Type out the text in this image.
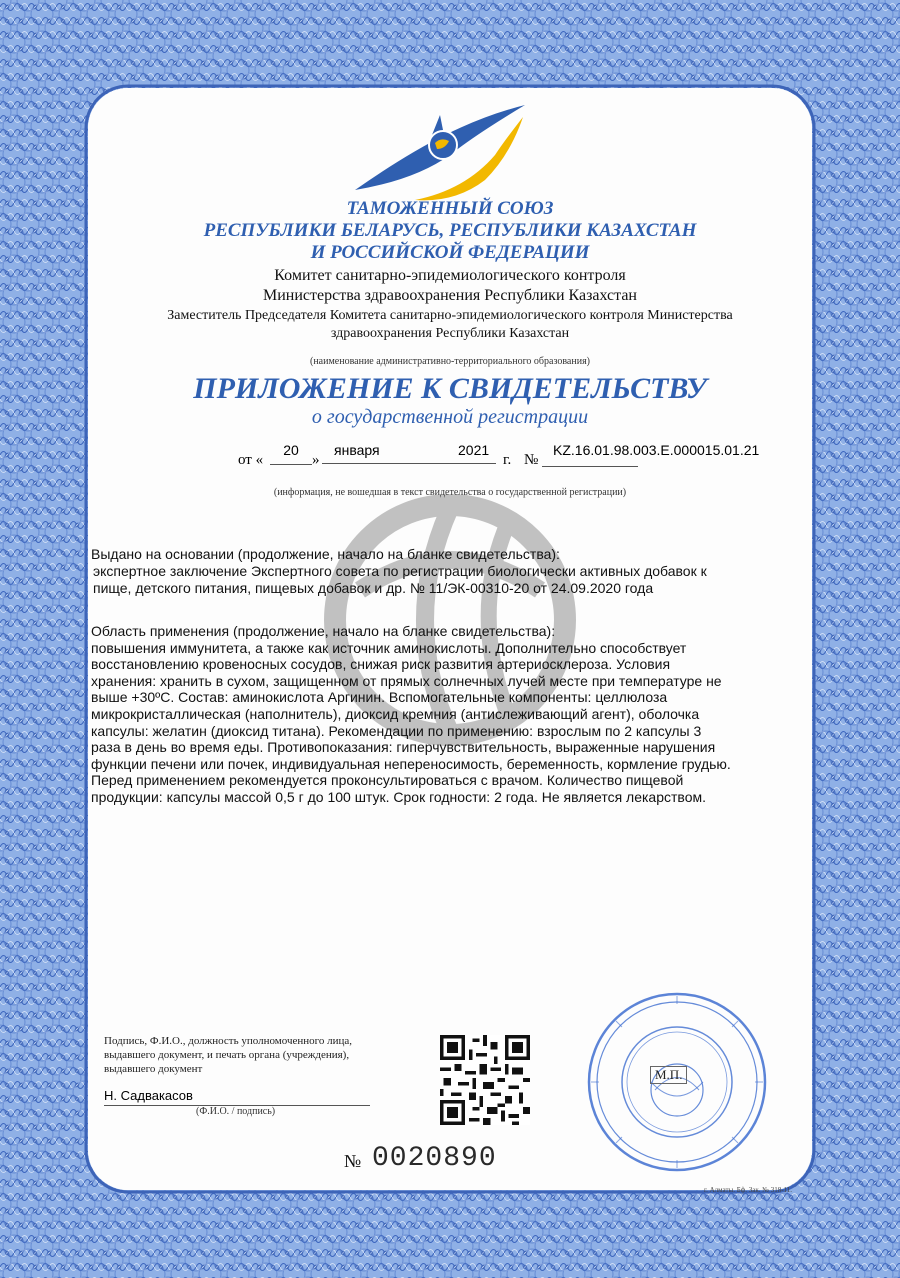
ТАМОЖЕННЫЙ СОЮЗ
РЕСПУБЛИКИ БЕЛАРУСЬ, РЕСПУБЛИКИ КАЗАХСТАН
И РОССИЙСКОЙ ФЕДЕРАЦИИ
Комитет санитарно-эпидемиологического контроля
Министерства здравоохранения Республики Казахстан
Заместитель Председателя Комитета санитарно-эпидемиологического контроля Министерства
здравоохранения Республики Казахстан
(наименование административно-территориального образования)
ПРИЛОЖЕНИЕ К СВИДЕТЕЛЬСТВУ
о государственной регистрации
от «
20
»
января	2021
г. №
KZ.16.01.98.003.E.000015.01.21
(информация, не вошедшая в текст свидетельства о государственной регистрации)
Выдано на основании (продолжение, начало на бланке свидетельства):
экспертное заключение Экспертного совета по регистрации биологически активных добавок к
пище, детского питания, пищевых добавок и др. № 11/ЭК-00310-20 от 24.09.2020 года
Область применения (продолжение, начало на бланке свидетельства):
повышения иммунитета, а также как источник аминокислоты. Дополнительно способствует
восстановлению кровеносных сосудов, снижая риск развития артериосклероза. Условия
хранения: хранить в сухом, защищенном от прямых солнечных лучей месте при температуре не
выше +30ºС. Состав: аминокислота Аргинин. Вспомогательные компоненты: целлюлоза
микрокристаллическая (наполнитель), диоксид кремния (антислеживающий агент), оболочка
капсулы: желатин (диоксид титана). Рекомендации по применению: взрослым по 2 капсулы 3
раза в день во время еды. Противопоказания: гиперчувствительность, выраженные нарушения
функции печени или почек, индивидуальная непереносимость, беременность, кормление грудью.
Перед применением рекомендуется проконсультироваться с врачом. Количество пищевой
продукции: капсулы массой 0,5 г до 100 штук. Срок годности: 2 года. Не является лекарством.
Подпись, Ф.И.О., должность уполномоченного лица,
выдавшего документ, и печать органа (учреждения),
выдавшего документ
Н. Садвакасов
(Ф.И.О. / подпись)
№ 0020890
М.П.
г. Алматы. Бф. Зак. № 318-11.
